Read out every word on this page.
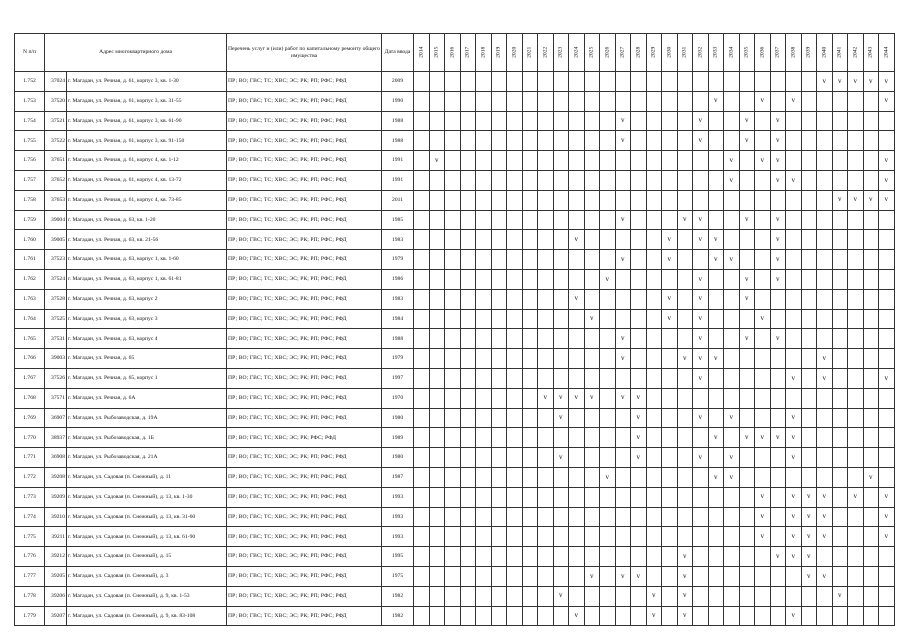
N п/п	Адрес многоквартирного дома		Перечень услуг и (или) работ по капитальному ремонту общего имущества	Дата ввода	2014	2015	2016	2017	2018	2019	2020	2021	2022	2023	2024	2025	2026	2027	2028	2029	2030	2031	2032	2033	2034	2035	2036	2037	2038	2039	2040	2041	2042	2043	2044
1.752	37024	г. Магадан, ул. Речная, д. 61, корпус 3, кв. 1-30	ПР; ВО; ГВС; ТС; ХВС; ЭС; РК; РП; РФС; РФД	2009																											v	v	v	v	v
1.753	37520	г. Магадан, ул. Речная, д. 61, корпус 3, кв. 31-55	ПР; ВО; ГВС; ТС; ХВС; ЭС; РК; РП; РФС; РФД	1990																				v			v		v						v
1.754	37521	г. Магадан, ул. Речная, д. 61, корпус 3, кв. 61-90	ПР; ВО; ГВС; ТС; ХВС; ЭС; РК; РП; РФС; РФД	1988														v					v			v		v							
1.755	37522	г. Магадан, ул. Речная, д. 61, корпус 3, кв. 91-150	ПР; ВО; ГВС; ТС; ХВС; ЭС; РК; РП; РФС; РФД	1988														v					v			v		v							
1.756	37651	г. Магадан, ул. Речная, д. 61, корпус 4, кв. 1-12	ПР; ВО; ГВС; ТС; ХВС; ЭС; РК; РП; РФС; РФД	1991		v																			v		v	v							v
1.757	37652	г. Магадан, ул. Речная, д. 61, корпус 4, кв. 13-72	ПР; ВО; ГВС; ТС; ХВС; ЭС; РК; РП; РФС; РФД	1991																					v			v	v						v
1.758	37653	г. Магадан, ул. Речная, д. 61, корпус 4, кв. 73-85	ПР; ВО; ГВС; ТС; ХВС; ЭС; РК; РП; РФС; РФД	2011																												v	v	v	v
1.759	39004	г. Магадан, ул. Речная, д. 63, кв. 1-20	ПР; ВО; ГВС; ТС; ХВС; ЭС; РК; РП; РФС; РФД	1985														v				v	v			v		v							
1.760	39005	г. Магадан, ул. Речная, д. 63, кв. 21-56	ПР; ВО; ГВС; ТС; ХВС; ЭС; РК; РП; РФС; РФД	1983											v						v		v	v				v							
1.761	37523	г. Магадан, ул. Речная, д. 63, корпус 1, кв. 1-60	ПР; ВО; ГВС; ТС; ХВС; ЭС; РК; РП; РФС; РФД	1979														v			v			v	v			v							
1.762	37524	г. Магадан, ул. Речная, д. 63, корпус 1, кв. 61-81	ПР; ВО; ГВС; ТС; ХВС; ЭС; РК; РП; РФС; РФД	1986													v						v			v		v							
1.763	37528	г. Магадан, ул. Речная, д. 63, корпус 2	ПР; ВО; ГВС; ТС; ХВС; ЭС; РК; РП; РФС; РФД	1983											v						v		v			v									
1.764	37525	г. Магадан, ул. Речная, д. 63, корпус 3	ПР; ВО; ГВС; ТС; ХВС; ЭС; РК; РП; РФС; РФД	1984												v					v		v				v								
1.765	37531	г. Магадан, ул. Речная, д. 63, корпус 4	ПР; ВО; ГВС; ТС; ХВС; ЭС; РК; РП; РФС; РФД	1988														v					v			v		v							
1.766	39003	г. Магадан, ул. Речная, д. 65	ПР; ВО; ГВС; ТС; ХВС; ЭС; РК; РП; РФС; РФД	1979														v				v	v	v							v				
1.767	37526	г. Магадан, ул. Речная, д. 65, корпус 1	ПР; ВО; ГВС; ТС; ХВС; ЭС; РК; РП; РФС; РФД	1997																			v						v		v				v
1.768	37571	г. Магадан, ул. Речная, д. 6А	ПР; ВО; ГВС; ТС; ХВС; ЭС; РК; РП; РФС; РФД	1970									v	v	v	v		v	v																
1.769	36907	г. Магадан, ул. Рыбозаводская, д. 19А	ПР; ВО; ГВС; ТС; ХВС; ЭС; РК; РП; РФС; РФД	1980										v					v				v		v				v						
1.770	38937	г. Магадан, ул. Рыбозаводская, д. 1Б	ПР; ВО; ГВС; ТС; ХВС; ЭС; РК; РФС; РФД	1989															v					v		v	v	v	v						
1.771	36908	г. Магадан, ул. Рыбозаводская, д. 21А	ПР; ВО; ГВС; ТС; ХВС; ЭС; РК; РП; РФС; РФД	1980										v					v				v		v				v						
1.772	39208	г. Магадан, ул. Садовая (п. Снежный), д. 11	ПР; ВО; ГВС; ТС; ХВС; ЭС; РК; РП; РФС; РФД	1987													v							v	v									v	
1.773	39209	г. Магадан, ул. Садовая (п. Снежный), д. 13, кв. 1-30	ПР; ВО; ГВС; ТС; ХВС; ЭС; РК; РП; РФС; РФД	1993																							v		v	v	v		v		v
1.774	39210	г. Магадан, ул. Садовая (п. Снежный), д. 13, кв. 31-60	ПР; ВО; ГВС; ТС; ХВС; ЭС; РК; РП; РФС; РФД	1993																							v		v	v	v				v
1.775	39211	г. Магадан, ул. Садовая (п. Снежный), д. 13, кв. 61-90	ПР; ВО; ГВС; ТС; ХВС; ЭС; РК; РП; РФС; РФД	1993																							v		v	v	v				v
1.776	39212	г. Магадан, ул. Садовая (п. Снежный), д. 15	ПР; ВО; ГВС; ТС; ХВС; ЭС; РК; РП; РФС; РФД	1995																		v						v	v	v					
1.777	39205	г. Магадан, ул. Садовая (п. Снежный), д. 3	ПР; ВО; ГВС; ТС; ХВС; ЭС; РК; РП; РФС; РФД	1975												v		v	v			v								v	v				
1.778	39206	г. Магадан, ул. Садовая (п. Снежный), д. 9, кв. 1-53	ПР; ВО; ГВС; ТС; ХВС; ЭС; РК; РП; РФС; РФД	1982										v						v		v										v			
1.779	39207	г. Магадан, ул. Садовая (п. Снежный), д. 9, кв. 83-108	ПР; ВО; ГВС; ТС; ХВС; ЭС; РК; РП; РФС; РФД	1982											v					v		v							v						
